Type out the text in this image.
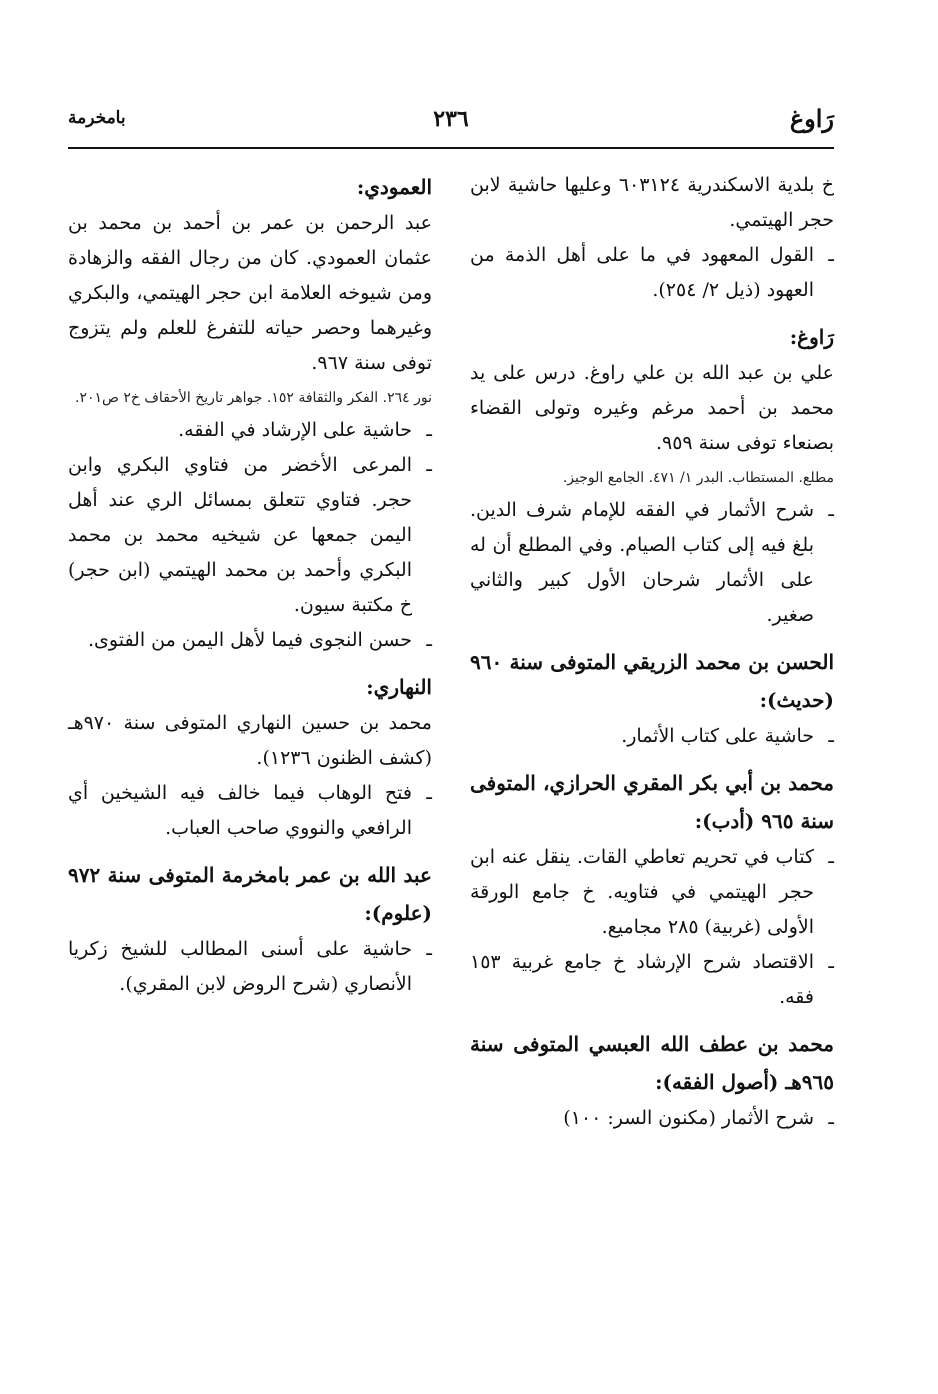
رَاوغ
٢٣٦
بامخرمة

خ بلدية الاسكندرية ٦٠٣١٢٤ وعليها حاشية لابن حجر الهيتمي.

ـ
القول المعهود في ما على أهل الذمة من العهود (ذيل ٢/ ٢٥٤).

رَاوغ:

علي بن عبد الله بن علي راوغ. درس على يد محمد بن أحمد مرغم وغيره وتولى القضاء بصنعاء توفى سنة ٩٥٩.

مطلع. المستطاب. البدر ١/ ٤٧١. الجامع الوجيز.

ـ
شرح الأثمار في الفقه للإمام شرف الدين. بلغ فيه إلى كتاب الصيام. وفي المطلع أن له على الأثمار شرحان الأول كبير والثاني صغير.

الحسن بن محمد الزريقي المتوفى سنة ٩٦٠ (حديث):

ـ
حاشية على كتاب الأثمار.

محمد بن أبي بكر المقري الحرازي، المتوفى سنة ٩٦٥ (أدب):

ـ
كتاب في تحريم تعاطي القات. ينقل عنه ابن حجر الهيتمي في فتاويه. خ جامع الورقة الأولى (غربية) ٢٨٥ مجاميع.
ـ
الاقتصاد شرح الإرشاد خ جامع غربية ١٥٣ فقه.

محمد بن عطف الله العبسي المتوفى سنة ٩٦٥هـ (أصول الفقه):

ـ
شرح الأثمار (مكنون السر: ١٠٠)

العمودي:

عبد الرحمن بن عمر بن أحمد بن محمد بن عثمان العمودي. كان من رجال الفقه والزهادة ومن شيوخه العلامة ابن حجر الهيتمي، والبكري وغيرهما وحصر حياته للتفرغ للعلم ولم يتزوج توفى سنة ٩٦٧.

نور ٢٦٤. الفكر والثقافة ١٥٢. جواهر تاريخ الأحقاف خ٢ ص٢٠١.

ـ
حاشية على الإرشاد في الفقه.
ـ
المرعى الأخضر من فتاوي البكري وابن حجر. فتاوي تتعلق بمسائل الري عند أهل اليمن جمعها عن شيخيه محمد بن محمد البكري وأحمد بن محمد الهيتمي (ابن حجر) خ مكتبة سيون.
ـ
حسن النجوى فيما لأهل اليمن من الفتوى.

النهاري:

محمد بن حسين النهاري المتوفى سنة ٩٧٠هـ (كشف الظنون ١٢٣٦).

ـ
فتح الوهاب فيما خالف فيه الشيخين أي الرافعي والنووي صاحب العباب.

عبد الله بن عمر بامخرمة المتوفى سنة ٩٧٢ (علوم):

ـ
حاشية على أسنى المطالب للشيخ زكريا الأنصاري (شرح الروض لابن المقري).
